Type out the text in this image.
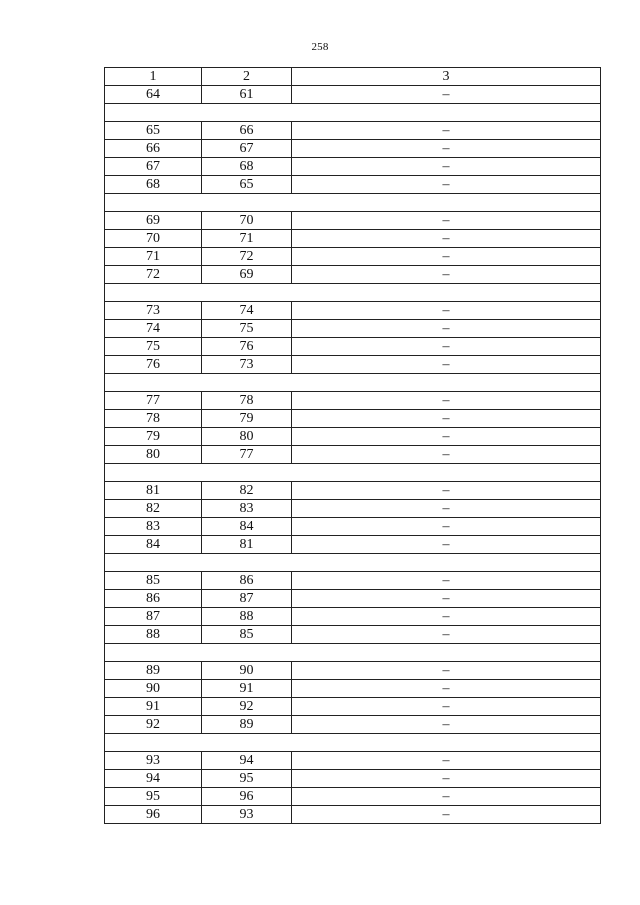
258
1	2	3
64	61	–

65	66	–
66	67	–
67	68	–
68	65	–

69	70	–
70	71	–
71	72	–
72	69	–

73	74	–
74	75	–
75	76	–
76	73	–

77	78	–
78	79	–
79	80	–
80	77	–

81	82	–
82	83	–
83	84	–
84	81	–

85	86	–
86	87	–
87	88	–
88	85	–

89	90	–
90	91	–
91	92	–
92	89	–

93	94	–
94	95	–
95	96	–
96	93	–
